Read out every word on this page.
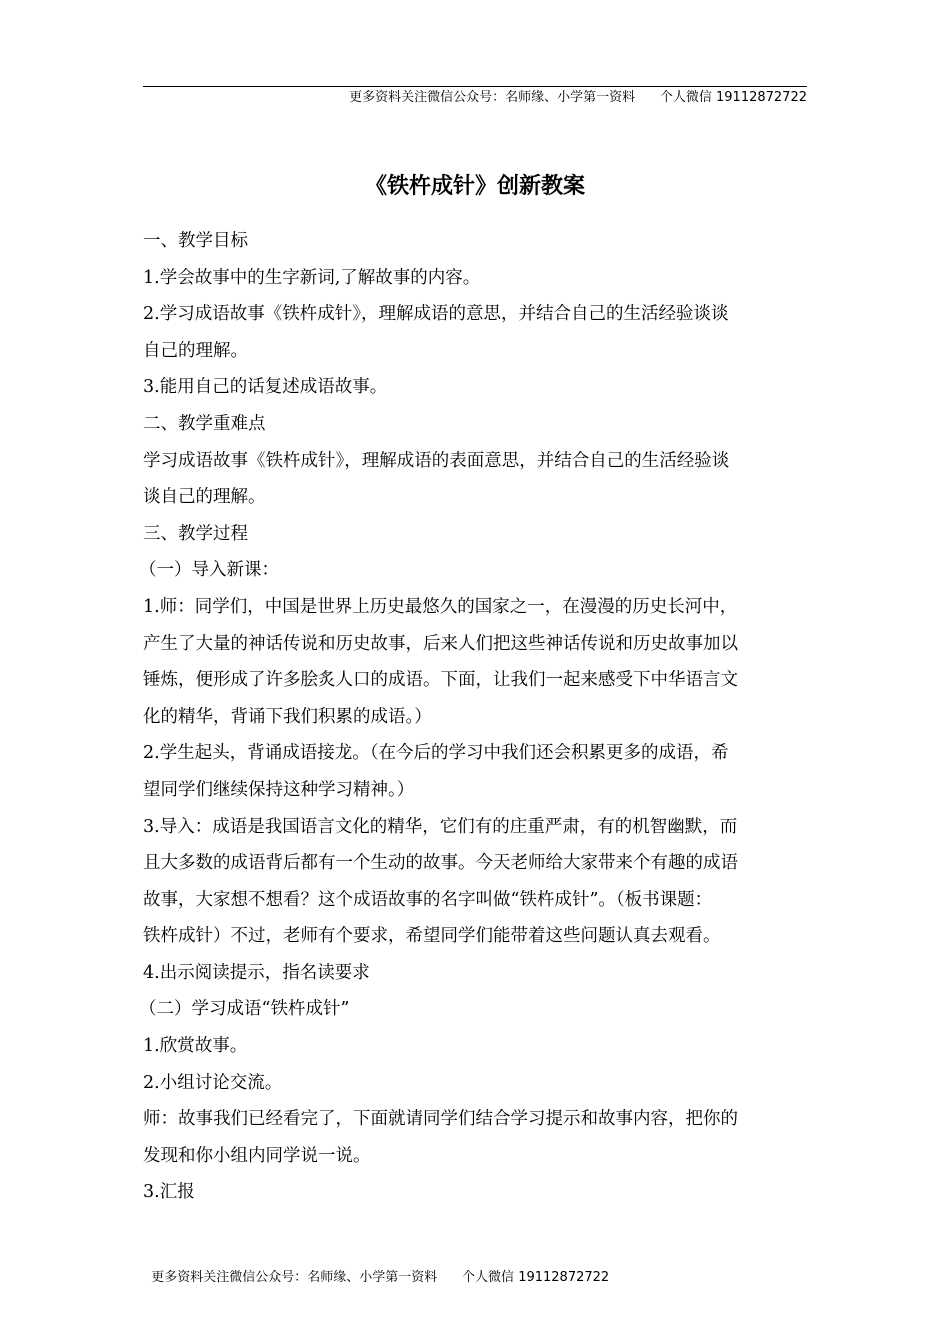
更多资料关注微信公众号：名师缘、小学第一资料      个人微信 19112872722

《铁杵成针》创新教案
一、教学目标
1.学会故事中的生字新词,了解故事的内容。
2.学习成语故事《铁杵成针》，理解成语的意思，并结合自己的生活经验谈谈
自己的理解。
3.能用自己的话复述成语故事。
二、教学重难点
学习成语故事《铁杵成针》，理解成语的表面意思，并结合自己的生活经验谈
谈自己的理解。
三、教学过程
（一）导入新课：
1.师：同学们，中国是世界上历史最悠久的国家之一，在漫漫的历史长河中，
产生了大量的神话传说和历史故事，后来人们把这些神话传说和历史故事加以
锤炼，便形成了许多脍炙人口的成语。下面，让我们一起来感受下中华语言文
化的精华，背诵下我们积累的成语。）
2.学生起头，背诵成语接龙。（在今后的学习中我们还会积累更多的成语，希
望同学们继续保持这种学习精神。）
3.导入：成语是我国语言文化的精华，它们有的庄重严肃，有的机智幽默，而
且大多数的成语背后都有一个生动的故事。今天老师给大家带来个有趣的成语
故事，大家想不想看？这个成语故事的名字叫做“铁杵成针”。（板书课题：
铁杵成针）不过，老师有个要求，希望同学们能带着这些问题认真去观看。
4.出示阅读提示，指名读要求
（二）学习成语“铁杵成针”
1.欣赏故事。
2.小组讨论交流。
师：故事我们已经看完了，下面就请同学们结合学习提示和故事内容，把你的
发现和你小组内同学说一说。
3.汇报

更多资料关注微信公众号：名师缘、小学第一资料      个人微信 19112872722
